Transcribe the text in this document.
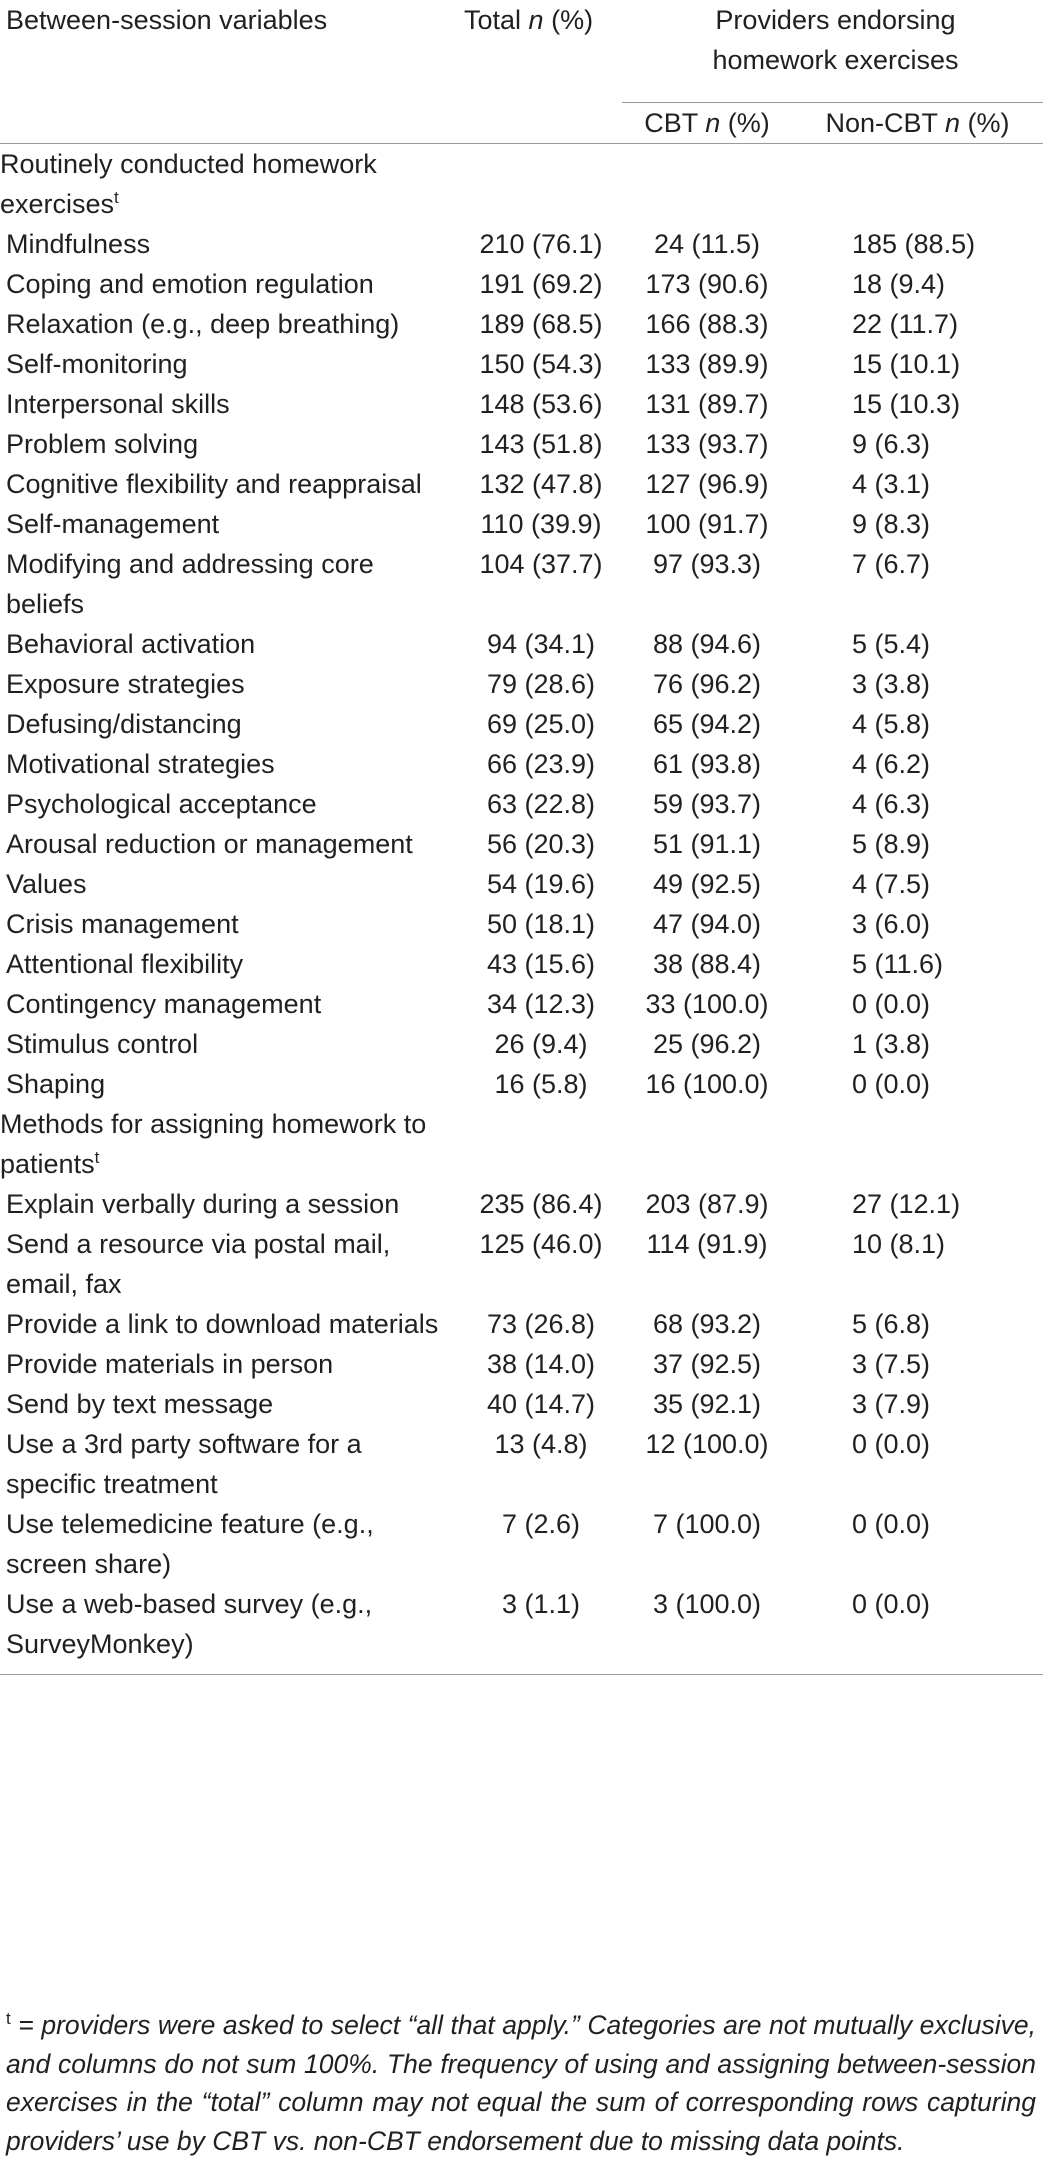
Between-session variables	Total n (%)	Providers endorsing
homework exercises	
		CBT n (%)	Non-CBT n (%)
Routinely conducted homework exercises$^t$			
Mindfulness	210 (76.1)	24 (11.5)	185 (88.5)
Coping and emotion regulation	191 (69.2)	173 (90.6)	18 (9.4)
Relaxation (e.g., deep breathing)	189 (68.5)	166 (88.3)	22 (11.7)
Self-monitoring	150 (54.3)	133 (89.9)	15 (10.1)
Interpersonal skills	148 (53.6)	131 (89.7)	15 (10.3)
Problem solving	143 (51.8)	133 (93.7)	9 (6.3)
Cognitive flexibility and reappraisal	132 (47.8)	127 (96.9)	4 (3.1)
Self-management	110 (39.9)	100 (91.7)	9 (8.3)
Modifying and addressing core beliefs	104 (37.7)	97 (93.3)	7 (6.7)
Behavioral activation	94 (34.1)	88 (94.6)	5 (5.4)
Exposure strategies	79 (28.6)	76 (96.2)	3 (3.8)
Defusing/distancing	69 (25.0)	65 (94.2)	4 (5.8)
Motivational strategies	66 (23.9)	61 (93.8)	4 (6.2)
Psychological acceptance	63 (22.8)	59 (93.7)	4 (6.3)
Arousal reduction or management	56 (20.3)	51 (91.1)	5 (8.9)
Values	54 (19.6)	49 (92.5)	4 (7.5)
Crisis management	50 (18.1)	47 (94.0)	3 (6.0)
Attentional flexibility	43 (15.6)	38 (88.4)	5 (11.6)
Contingency management	34 (12.3)	33 (100.0)	0 (0.0)
Stimulus control	26 (9.4)	25 (96.2)	1 (3.8)
Shaping	16 (5.8)	16 (100.0)	0 (0.0)
Methods for assigning homework to patients$^t$			
Explain verbally during a session	235 (86.4)	203 (87.9)	27 (12.1)
Send a resource via postal mail, email, fax	125 (46.0)	114 (91.9)	10 (8.1)
Provide a link to download materials	73 (26.8)	68 (93.2)	5 (6.8)
Provide materials in person	38 (14.0)	37 (92.5)	3 (7.5)
Send by text message	40 (14.7)	35 (92.1)	3 (7.9)
Use a 3rd party software for a specific treatment	13 (4.8)	12 (100.0)	0 (0.0)
Use telemedicine feature (e.g., screen share)	7 (2.6)	7 (100.0)	0 (0.0)
Use a web-based survey (e.g., SurveyMonkey)	3 (1.1)	3 (100.0)	0 (0.0)
$^t$ = providers were asked to select “all that apply.” Categories are not mutually exclusive, and columns do not sum 100%. The frequency of using and assigning between-session exercises in the “total” column may not equal the sum of corresponding rows capturing providers’ use by CBT vs. non-CBT endorsement due to missing data points.
